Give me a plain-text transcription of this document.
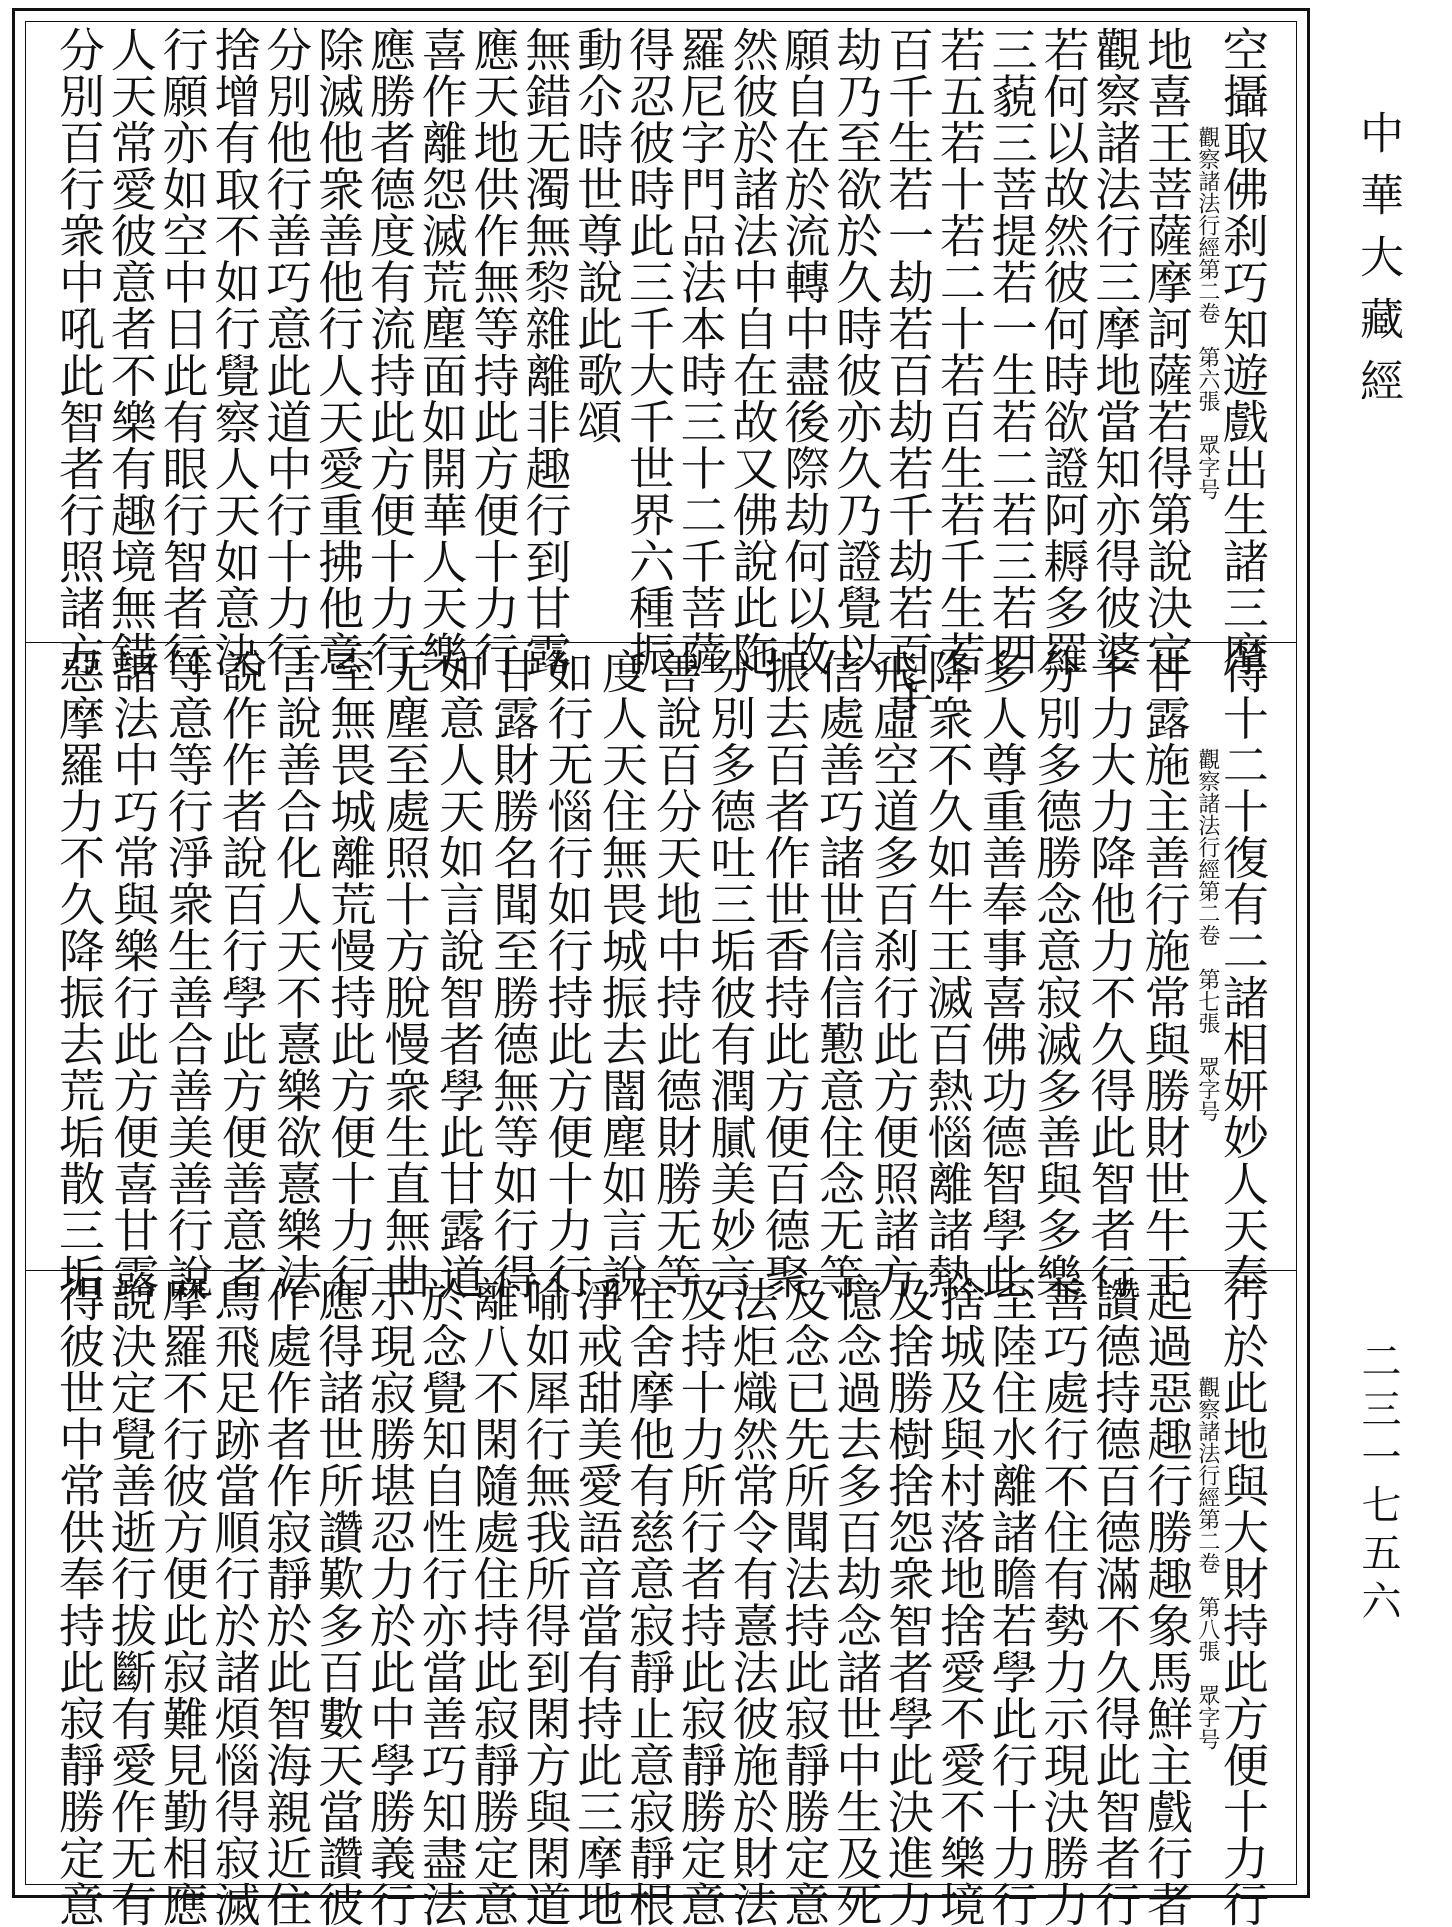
空攝取佛刹巧知遊戲出生諸三摩
觀察諸法行經第二卷　第六張　眾字号
地喜王菩薩摩訶薩若得第說決定
觀察諸法行三摩地當知亦得彼婆
若何以故然彼何時欲證阿耨多羅
三藐三菩提若一生若二若三若四
若五若十若二十若百生若千生若
百千生若一劫若百劫若千劫若百千
劫乃至欲於久時彼亦久乃證覺以
願自在於流轉中盡後際劫何以故
然彼於諸法中自在故又佛說此陁
羅尼字門品法本時三十二千菩薩
得忍彼時此三千大千世界六種振
動尒時世尊說此歌頌
無錯无濁無𥟖雜
離非趣行到甘露
應天地供作無等
持此方便十力行
喜作離怨滅荒塵
面如開華人天樂
應勝者德度有流
持此方便十力行
除滅他衆善他行
人天愛重拂他意
分別他行善巧意
此道中行十力行
捨增有取不如行
覺察人天如意決
行願亦如空中日
此有眼行智者行
人天常愛彼意者
不樂有趣境無錯
分別百行衆中吼
此智者行照諸方
得十二十復有二
諸相妍妙人天奉
觀察諸法行經第二卷　第七張　眾字号
甘露施主善行施
常與勝財世牛王
十力大力降他力
不久得此智者行
分別多德勝念意
寂滅多善與多樂
多人尊重善奉事
喜佛功德智學此
降衆不久如牛王
滅百熱惱離諸熱
飛虛空道多百刹
行此方便照諸方
信處善巧諸世信
信懃意住念无等
振去百者作世香
持此方便百德聚
分別多德吐三垢
彼有潤膩美妙言
善說百分天地中
持此德財勝无等
度人天住無畏城
振去闇塵如言說
如行无惱行如行
持此方便十力行
甘露財勝名聞至
勝德無等如行得
如意人天如言說
智者學此甘露道
无塵至處照十方
脫慢衆生直無曲
至無畏城離荒慢
持此方便十力行
言說善合化人天
不憙樂欲憙樂法
說作作者說百行
學此方便善意者
等意等行淨衆生
善合善美善行說
諸法中巧常與樂
行此方便喜甘露
惡摩羅力不久降
振去荒垢散三垢
行於此地與大財
持此方便十力行
觀察諸法行經第二卷　第八張　眾字号
起過惡趣行勝趣
象馬鮮主戲行者
讚德持德百德滿
不久得此智者行
善巧處行不住有
勢力示現決勝力
至陸住水離諸瞻
若學此行十力行
捨城及與村落地
捨愛不愛不樂境
及捨勝樹捨怨衆
智者學此決進力
憶念過去多百劫
念諸世中生及死
及念已先所聞法
持此寂靜勝定意
法炬熾然常令有
憙法彼施於財法
及持十力所行者
持此寂靜勝定意
住舍摩他有慈意
寂靜止意寂靜根
淨戒甜美愛語音
當有持此三摩地
喻如犀行無我所
得到閑方與閑道
離八不閑隨處住
持此寂靜勝定意
於念覺知自性行
亦當善巧知盡法
示現寂勝堪忍力
於此中學勝義行
應得諸世所讚歎
多百數天當讚彼
作處作者作寂靜
於此智海親近住
鳥飛足跡當順行
於諸煩惱得寂滅
摩羅不行彼方便
此寂難見勤相應
說決定覺善逝行
拔斷有愛作无有
得彼世中常供奉
持此寂靜勝定意
中華大藏經
二三一七五六
